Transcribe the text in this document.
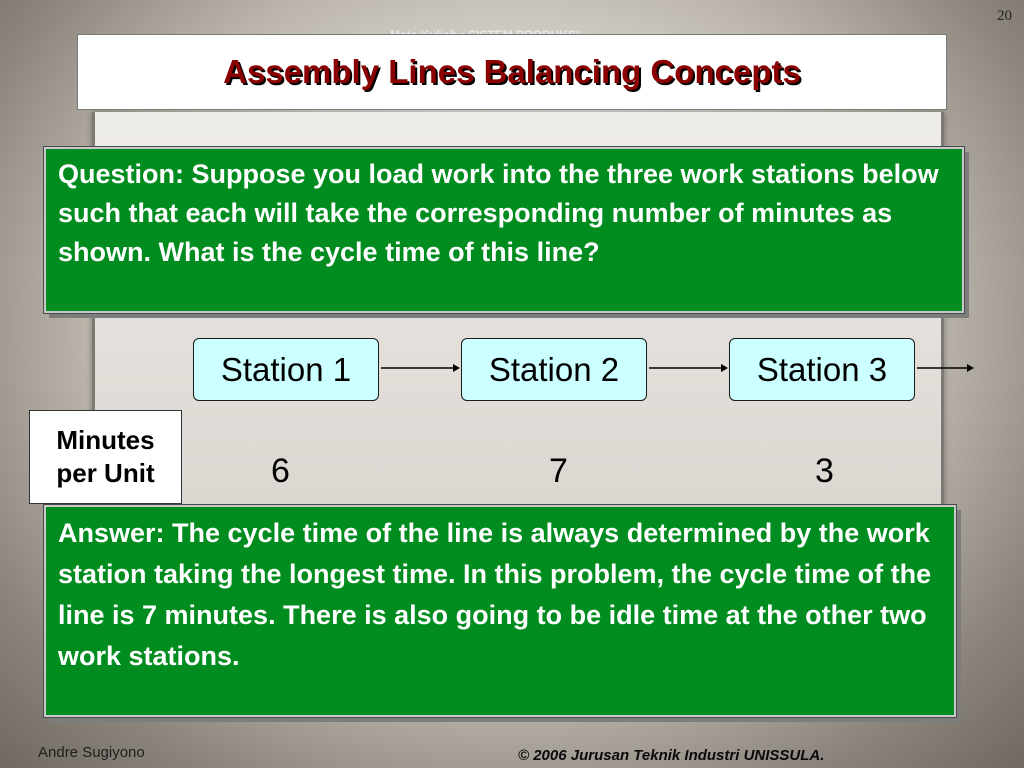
20
Assembly Lines Balancing Concepts
Question: Suppose you load work into the three work stations below such that each will take the corresponding number of minutes as shown. What is the cycle time of this line?
Station 1	Station 2	Station 3
Minutes
per Unit	6	7	3
Answer: The cycle time of the line is always determined by the work station taking the longest time. In this problem, the cycle time of the line is 7 minutes. There is also going to be idle time at the other two work stations.
Andre Sugiyono	© 2006 Jurusan Teknik Industri UNISSULA.
